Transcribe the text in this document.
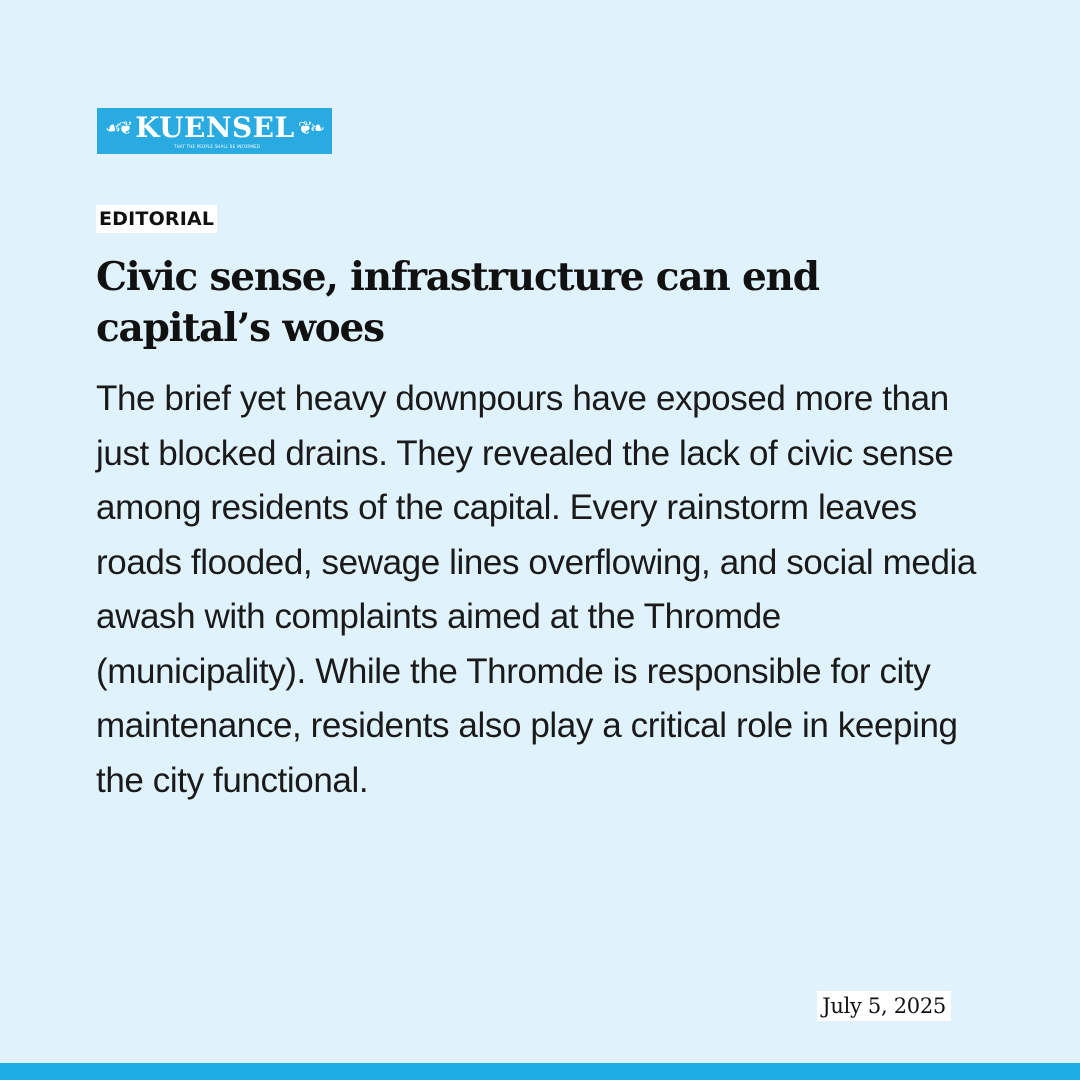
☙❦ KUENSEL ❦❧
THAT THE PEOPLE SHALL BE INFORMED
EDITORIAL
Civic sense, infrastructure can end capital’s woes

The brief yet heavy downpours have exposed more than just blocked drains. They revealed the lack of civic sense among residents of the capital. Every rainstorm leaves roads flooded, sewage lines overflowing, and social media awash with complaints aimed at the Thromde (municipality). While the Thromde is responsible for city maintenance, residents also play a critical role in keeping the city functional.

July 5, 2025
